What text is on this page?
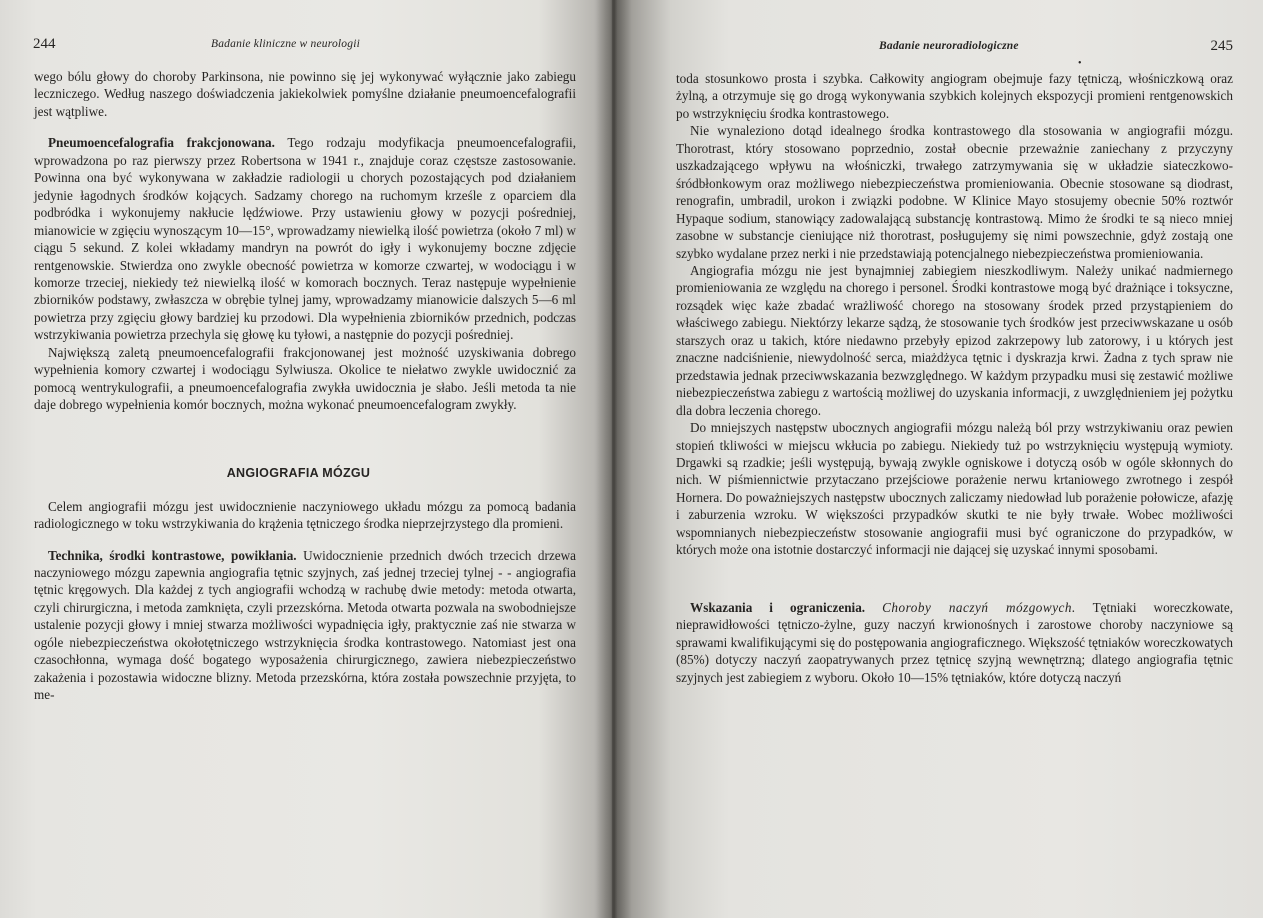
244	Badanie kliniczne w neurologii

wego bólu głowy do choroby Parkinsona, nie powinno się jej wykonywać wyłącznie jako zabiegu leczniczego. Według naszego doświadczenia jakiekolwiek pomyślne działanie pneumoencefalografii jest wątpliwe.

Pneumoencefalografia frakcjonowana. Tego rodzaju modyfikacja pneumoencefalografii, wprowadzona po raz pierwszy przez Robertsona w 1941 r., znajduje coraz częstsze zastosowanie. Powinna ona być wykonywana w zakładzie radiologii u chorych pozostających pod działaniem jedynie łagodnych środków kojących. Sadzamy chorego na ruchomym krześle z oparciem dla podbródka i wykonujemy nakłucie lędźwiowe. Przy ustawieniu głowy w pozycji pośredniej, mianowicie w zgięciu wynoszącym 10—15°, wprowadzamy niewielką ilość powietrza (około 7 ml) w ciągu 5 sekund. Z kolei wkładamy mandryn na powrót do igły i wykonujemy boczne zdjęcie rentgenowskie. Stwierdza ono zwykle obecność powietrza w komorze czwartej, w wodociągu i w komorze trzeciej, niekiedy też niewielką ilość w komorach bocznych. Teraz następuje wypełnienie zbiorników podstawy, zwłaszcza w obrębie tylnej jamy, wprowadzamy mianowicie dalszych 5—6 ml powietrza przy zgięciu głowy bardziej ku przodowi. Dla wypełnienia zbiorników przednich, podczas wstrzykiwania powietrza przechyla się głowę ku tyłowi, a następnie do pozycji pośredniej.

Największą zaletą pneumoencefalografii frakcjonowanej jest możność uzyskiwania dobrego wypełnienia komory czwartej i wodociągu Sylwiusza. Okolice te niełatwo zwykle uwidocznić za pomocą wentrykulografii, a pneumoencefalografia zwykła uwidocznia je słabo. Jeśli metoda ta nie daje dobrego wypełnienia komór bocznych, można wykonać pneumoencefalogram zwykły.

ANGIOGRAFIA MÓZGU

Celem angiografii mózgu jest uwidocznienie naczyniowego układu mózgu za pomocą badania radiologicznego w toku wstrzykiwania do krążenia tętniczego środka nieprzejrzystego dla promieni.

Technika, środki kontrastowe, powikłania. Uwidocznienie przednich dwóch trzecich drzewa naczyniowego mózgu zapewnia angiografia tętnic szyjnych, zaś jednej trzeciej tylnej - - angiografia tętnic kręgowych. Dla każdej z tych angiografii wchodzą w rachubę dwie metody: metoda otwarta, czyli chirurgiczna, i metoda zamknięta, czyli przezskórna. Metoda otwarta pozwala na swobodniejsze ustalenie pozycji głowy i mniej stwarza możliwości wypadnięcia igły, praktycznie zaś nie stwarza w ogóle niebezpieczeństwa okołotętniczego wstrzyknięcia środka kontrastowego. Natomiast jest ona czasochłonna, wymaga dość bogatego wyposażenia chirurgicznego, zawiera niebezpieczeństwo zakażenia i pozostawia widoczne blizny. Metoda przezskórna, która została powszechnie przyjęta, to me-

Badanie neuroradiologiczne
•
245

toda stosunkowo prosta i szybka. Całkowity angiogram obejmuje fazy tętniczą, włośniczkową oraz żylną, a otrzymuje się go drogą wykonywania szybkich kolejnych ekspozycji promieni rentgenowskich po wstrzyknięciu środka kontrastowego.

Nie wynaleziono dotąd idealnego środka kontrastowego dla stosowania w angiografii mózgu. Thorotrast, który stosowano poprzednio, został obecnie przeważnie zaniechany z przyczyny uszkadzającego wpływu na włośniczki, trwałego zatrzymywania się w układzie siateczkowo-śródbłonkowym oraz możliwego niebezpieczeństwa promieniowania. Obecnie stosowane są diodrast, renografin, umbradil, urokon i związki podobne. W Klinice Mayo stosujemy obecnie 50% roztwór Hypaque sodium, stanowiący zadowalającą substancję kontrastową. Mimo że środki te są nieco mniej zasobne w substancje cieniujące niż thorotrast, posługujemy się nimi powszechnie, gdyż zostają one szybko wydalane przez nerki i nie przedstawiają potencjalnego niebezpieczeństwa promieniowania.

Angiografia mózgu nie jest bynajmniej zabiegiem nieszkodliwym. Należy unikać nadmiernego promieniowania ze względu na chorego i personel. Środki kontrastowe mogą być drażniące i toksyczne, rozsądek więc każe zbadać wrażliwość chorego na stosowany środek przed przystąpieniem do właściwego zabiegu. Niektórzy lekarze sądzą, że stosowanie tych środków jest przeciwwskazane u osób starszych oraz u takich, które niedawno przebyły epizod zakrzepowy lub zatorowy, i u których jest znaczne nadciśnienie, niewydolność serca, miażdżyca tętnic i dyskrazja krwi. Żadna z tych spraw nie przedstawia jednak przeciwwskazania bezwzględnego. W każdym przypadku musi się zestawić możliwe niebezpieczeństwa zabiegu z wartością możliwej do uzyskania informacji, z uwzględnieniem jej pożytku dla dobra leczenia chorego.

Do mniejszych następstw ubocznych angiografii mózgu należą ból przy wstrzykiwaniu oraz pewien stopień tkliwości w miejscu wkłucia po zabiegu. Niekiedy tuż po wstrzyknięciu występują wymioty. Drgawki są rzadkie; jeśli występują, bywają zwykle ogniskowe i dotyczą osób w ogóle skłonnych do nich. W piśmiennictwie przytaczano przejściowe porażenie nerwu krtaniowego zwrotnego i zespół Hornera. Do poważniejszych następstw ubocznych zaliczamy niedowład lub porażenie połowicze, afazję i zaburzenia wzroku. W większości przypadków skutki te nie były trwałe. Wobec możliwości wspomnianych niebezpieczeństw stosowanie angiografii musi być ograniczone do przypadków, w których może ona istotnie dostarczyć informacji nie dającej się uzyskać innymi sposobami.

Wskazania i ograniczenia. Choroby naczyń mózgowych. Tętniaki woreczkowate, nieprawidłowości tętniczo-żylne, guzy naczyń krwionośnych i zarostowe choroby naczyniowe są sprawami kwalifikującymi się do postępowania angiograficznego. Większość tętniaków woreczkowatych (85%) dotyczy naczyń zaopatrywanych przez tętnicę szyjną wewnętrzną; dlatego angiografia tętnic szyjnych jest zabiegiem z wyboru. Około 10—15% tętniaków, które dotyczą naczyń
